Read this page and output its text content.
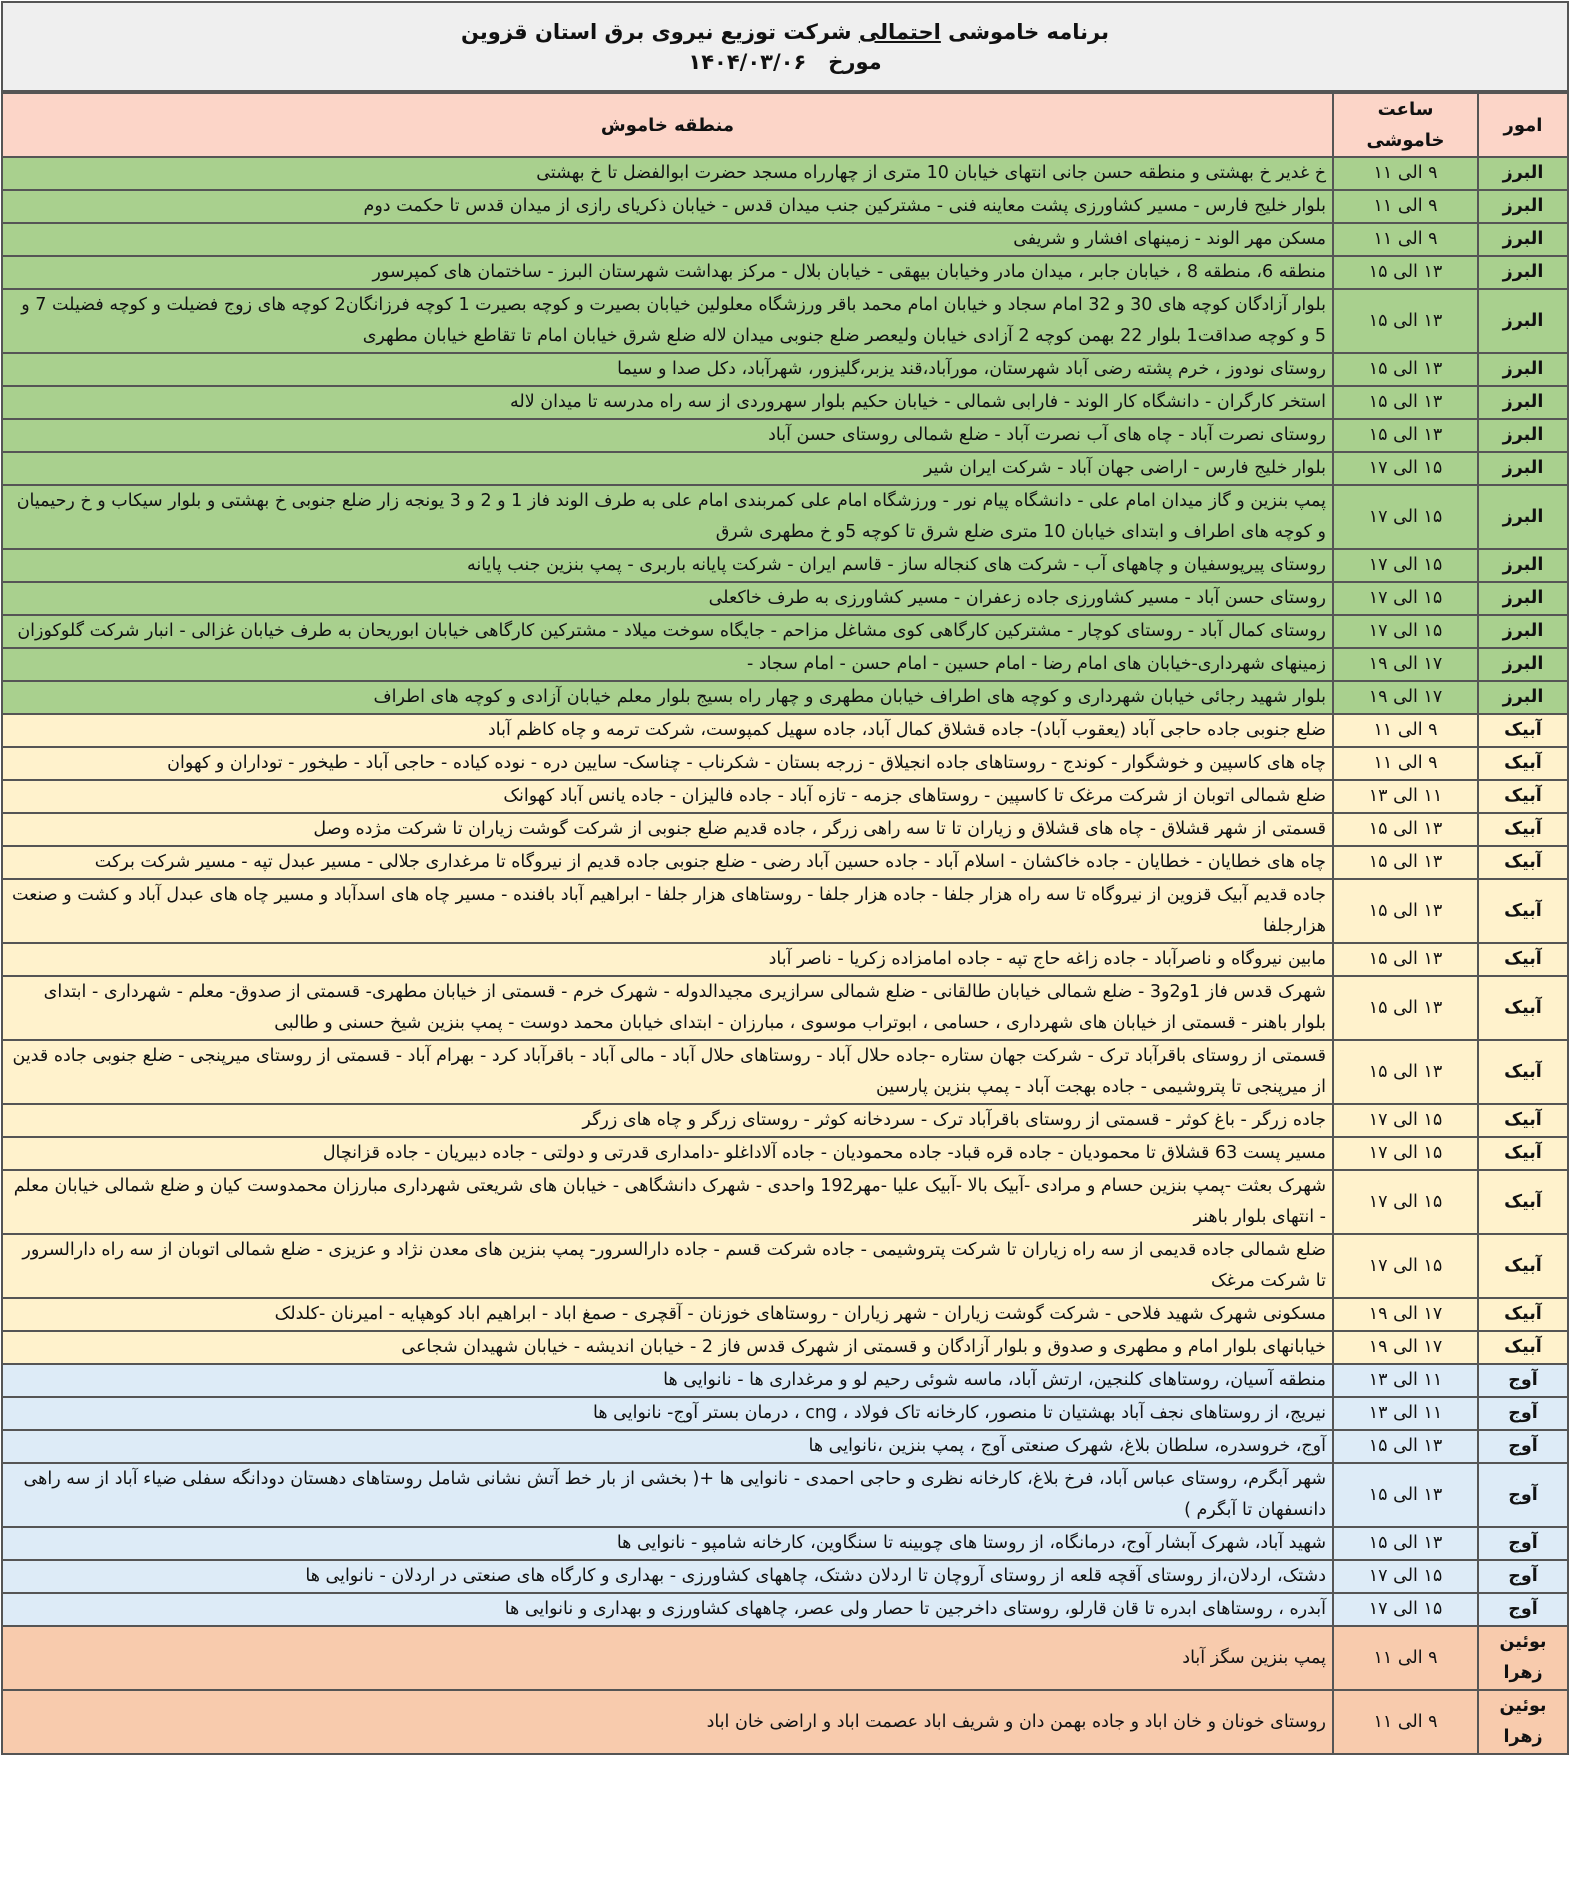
برنامه خاموشی احتمالی شرکت توزیع نیروی برق استان قزوین
مورخ   ۱۴۰۴/۰۳/۰۶
امور	ساعت خاموشی	منطقه خاموش
البرز	۹ الی ۱۱	خ غدیر خ بهشتی و منطقه حسن جانی انتهای خیابان 10 متری از چهارراه مسجد حضرت ابوالفضل تا خ بهشتی
البرز	۹ الی ۱۱	بلوار خلیج فارس - مسیر کشاورزی پشت معاینه فنی - مشترکین جنب میدان قدس - خیابان ذکریای رازی از میدان قدس تا حکمت دوم
البرز	۹ الی ۱۱	مسکن مهر الوند - زمینهای افشار و شریفی
البرز	۱۳ الی ۱۵	منطقه 6، منطقه 8 ، خیابان جابر ، میدان مادر وخیابان بیهقی - خیابان بلال - مرکز بهداشت شهرستان البرز - ساختمان های کمپرسور
البرز	۱۳ الی ۱۵	بلوار آزادگان کوچه های 30 و 32 امام سجاد و خیابان امام محمد باقر ورزشگاه معلولین خیابان بصیرت و کوچه بصیرت 1 کوچه فرزانگان2 کوچه های زوج فضیلت و کوچه فضیلت 7 و 5 و کوچه صداقت1 بلوار 22 بهمن کوچه 2 آزادی خیابان ولیعصر ضلع جنوبی میدان لاله ضلع شرق خیابان امام تا تقاطع خیابان مطهری
البرز	۱۳ الی ۱۵	روستای نودوز ، خرم پشته رضی آباد شهرستان، مورآباد،قند یزبر،گلیزور، شهرآباد، دکل صدا و سیما
البرز	۱۳ الی ۱۵	استخر کارگران - دانشگاه کار الوند - فارابی شمالی - خیابان حکیم بلوار سهروردی از سه راه مدرسه تا میدان لاله
البرز	۱۳ الی ۱۵	روستای نصرت آباد - چاه های آب نصرت آباد - ضلع شمالی روستای حسن آباد
البرز	۱۵ الی ۱۷	بلوار خلیج فارس - اراضی جهان آباد - شرکت ایران شیر
البرز	۱۵ الی ۱۷	پمپ بنزین و گاز میدان امام علی - دانشگاه پیام نور - ورزشگاه امام علی کمربندی امام علی به طرف الوند فاز 1 و 2 و 3 یونجه زار ضلع جنوبی خ بهشتی و بلوار سیکاب و خ رحیمیان و کوچه های اطراف و ابتدای خیابان 10 متری ضلع شرق تا کوچه 5و خ مطهری شرق
البرز	۱۵ الی ۱۷	روستای پیرپوسفیان و چاههای آب - شرکت های کنجاله ساز - قاسم ایران - شرکت پایانه باربری - پمپ بنزین جنب پایانه
البرز	۱۵ الی ۱۷	روستای حسن آباد - مسیر کشاورزی جاده زعفران - مسیر کشاورزی به طرف خاکعلی
البرز	۱۵ الی ۱۷	روستای کمال آباد - روستای کوچار - مشترکین کارگاهی کوی مشاغل مزاحم - جایگاه سوخت میلاد - مشترکین کارگاهی خیابان ابوریحان به طرف خیابان غزالی - انبار شرکت گلوکوزان
البرز	۱۷ الی ۱۹	زمینهای شهرداری-خیابان های امام رضا - امام حسین - امام حسن - امام سجاد -
البرز	۱۷ الی ۱۹	بلوار شهید رجائی خیابان شهرداری و کوچه های اطراف خیابان مطهری و چهار راه بسیج بلوار معلم خیابان آزادی و کوچه های اطراف
آبیک	۹ الی ۱۱	ضلع جنوبی جاده حاجی آباد (یعقوب آباد)- جاده قشلاق کمال آباد، جاده سهیل کمپوست، شرکت ترمه و چاه کاظم آباد
آبیک	۹ الی ۱۱	چاه های کاسپین و خوشگوار - کوندج - روستاهای جاده انجیلاق - زرجه بستان - شکرناب - چناسک- سایین دره - نوده کیاده - حاجی آباد - طیخور - توداران و کهوان
آبیک	۱۱ الی ۱۳	ضلع شمالی اتوبان از شرکت مرغک تا کاسپین - روستاهای جزمه - تازه آباد - جاده فالیزان - جاده یانس آباد کهوانک
آبیک	۱۳ الی ۱۵	قسمتی از شهر قشلاق - چاه های قشلاق و زیاران تا تا سه راهی زرگر ، جاده قدیم ضلع جنوبی از شرکت گوشت زیاران تا شرکت مژده وصل
آبیک	۱۳ الی ۱۵	چاه های خطایان - خطایان - جاده خاکشان - اسلام آباد - جاده حسین آباد رضی - ضلع جنوبی جاده قدیم از نیروگاه تا مرغداری جلالی - مسیر عبدل تپه - مسیر شرکت برکت
آبیک	۱۳ الی ۱۵	جاده قدیم آبیک قزوین از نیروگاه تا سه راه هزار جلفا - جاده هزار جلفا - روستاهای هزار جلفا - ابراهیم آباد بافنده - مسیر چاه های اسدآباد و مسیر چاه های عبدل آباد و کشت و صنعت هزارجلفا
آبیک	۱۳ الی ۱۵	مابین نیروگاه و ناصرآباد - جاده زاغه حاج تپه - جاده امامزاده زکریا - ناصر آباد
آبیک	۱۳ الی ۱۵	شهرک قدس فاز 1و2و3 - ضلع شمالی خیابان طالقانی - ضلع شمالی سرازیری مجیدالدوله - شهرک خرم - قسمتی از خیابان مطهری- قسمتی از صدوق- معلم - شهرداری - ابتدای بلوار باهنر - قسمتی از خیابان های شهرداری ، حسامی ، ابوتراب موسوی ، مبارزان - ابتدای خیابان محمد دوست - پمپ بنزین شیخ حسنی و طالبی
آبیک	۱۳ الی ۱۵	قسمتی از روستای باقرآباد ترک - شرکت جهان ستاره -جاده حلال آباد - روستاهای حلال آباد - مالی آباد - باقرآباد کرد - بهرام آباد - قسمتی از روستای میرپنجی - ضلع جنوبی جاده قدین از میرپنجی تا پتروشیمی - جاده بهجت آباد - پمپ بنزین پارسین
آبیک	۱۵ الی ۱۷	جاده زرگر - باغ کوثر - قسمتی از روستای باقرآباد ترک - سردخانه کوثر - روستای زرگر و چاه های زرگر
آبیک	۱۵ الی ۱۷	مسیر پست 63 قشلاق تا محمودیان - جاده قره قباد- جاده محمودیان - جاده آلاداغلو -دامداری قدرتی و دولتی - جاده دبیریان - جاده قزانچال
آبیک	۱۵ الی ۱۷	شهرک بعثت -پمپ بنزین حسام و مرادی -آبیک بالا -آبیک علیا -مهر192 واحدی - شهرک دانشگاهی - خیابان های شریعتی شهرداری مبارزان محمدوست کیان و ضلع شمالی خیابان معلم - انتهای بلوار باهنر
آبیک	۱۵ الی ۱۷	ضلع شمالی جاده قدیمی از سه راه زیاران تا شرکت پتروشیمی - جاده شرکت قسم - جاده دارالسرور- پمپ بنزین های معدن نژاد و عزیزی - ضلع شمالی اتوبان از سه راه دارالسرور تا شرکت مرغک
آبیک	۱۷ الی ۱۹	مسکونی شهرک شهید فلاحی - شرکت گوشت زیاران - شهر زیاران - روستاهای خوزنان - آقچری - صمغ اباد - ابراهیم اباد کوهپایه - امیرنان -کلدلک
آبیک	۱۷ الی ۱۹	خیابانهای بلوار امام و مطهری و صدوق و بلوار آزادگان و قسمتی از شهرک قدس فاز 2 - خیابان اندیشه - خیابان شهیدان شجاعی
آوج	۱۱ الی ۱۳	منطقه آسیان، روستاهای کلنجین، ارتش آباد، ماسه شوئی رحیم لو و مرغداری ها - نانوایی ها
آوج	۱۱ الی ۱۳	نیریج، از روستاهای نجف آباد بهشتیان تا منصور، کارخانه تاک فولاد ، cng ، درمان بستر آوج- نانوایی ها
آوج	۱۳ الی ۱۵	آوج، خروسدره، سلطان بلاغ، شهرک صنعتی آوج ، پمپ بنزین ،نانوایی ها
آوج	۱۳ الی ۱۵	شهر آبگرم، روستای عباس آباد، فرخ بلاغ، کارخانه نظری و حاجی احمدی - نانوایی ها +( بخشی از بار خط آتش نشانی شامل روستاهای دهستان دودانگه سفلی ضیاء آباد از سه راهی دانسفهان تا آبگرم )
آوج	۱۳ الی ۱۵	شهید آباد، شهرک آبشار آوج، درمانگاه، از روستا های چوبینه تا سنگاوین، کارخانه شامپو - نانوایی ها
آوج	۱۵ الی ۱۷	دشتک، اردلان،از روستای آقچه قلعه از روستای آروچان تا اردلان دشتک، چاههای کشاورزی - بهداری و کارگاه های صنعتی در اردلان - نانوایی ها
آوج	۱۵ الی ۱۷	آبدره ، روستاهای ابدره تا قان قارلو، روستای داخرجین تا حصار ولی عصر، چاههای کشاورزی و بهداری و نانوایی ها
بوئین زهرا	۹ الی ۱۱	پمپ بنزین سگز آباد
بوئین زهرا	۹ الی ۱۱	روستای خونان و خان اباد و جاده بهمن دان و شریف اباد عصمت اباد و اراضی خان اباد
